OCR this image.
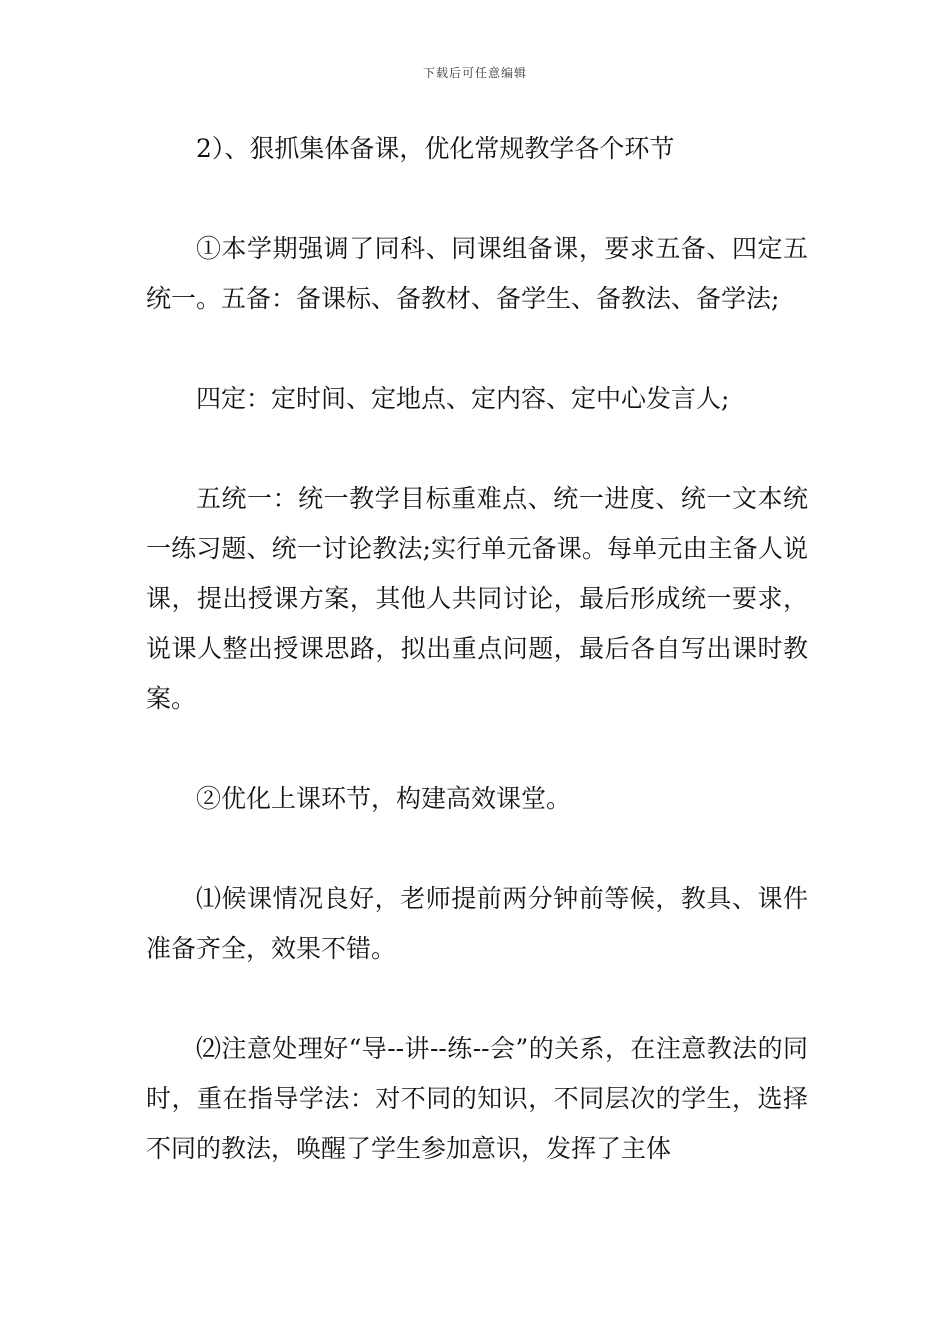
下载后可任意编辑

2）、狠抓集体备课，优化常规教学各个环节

①本学期强调了同科、同课组备课，要求五备、四定五统一。五备：备课标、备教材、备学生、备教法、备学法;

四定：定时间、定地点、定内容、定中心发言人;

五统一：统一教学目标重难点、统一进度、统一文本统一练习题、统一讨论教法;实行单元备课。每单元由主备人说课，提出授课方案，其他人共同讨论，最后形成统一要求，说课人整出授课思路，拟出重点问题，最后各自写出课时教案。

②优化上课环节，构建高效课堂。

⑴候课情况良好，老师提前两分钟前等候，教具、课件准备齐全，效果不错。

⑵注意处理好“导--讲--练--会”的关系，在注意教法的同时，重在指导学法：对不同的知识，不同层次的学生，选择不同的教法，唤醒了学生参加意识，发挥了主体
